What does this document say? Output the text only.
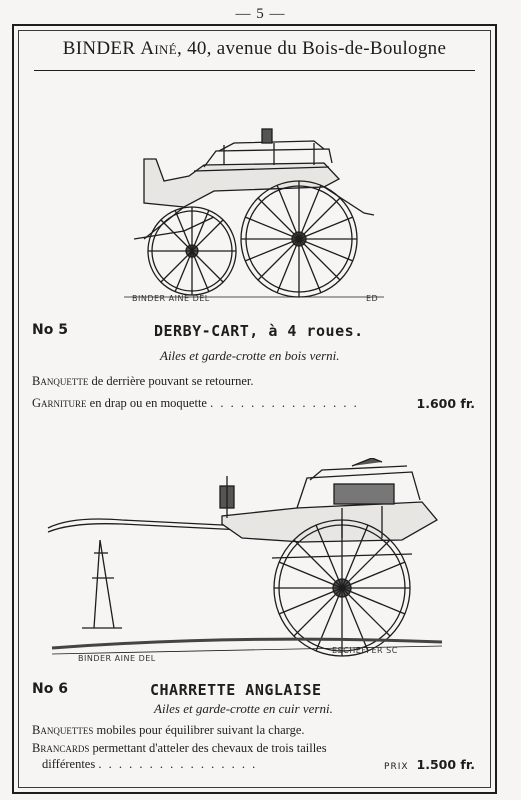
— 5 —
BINDER Ainé, 40, avenue du Bois-de-Boulogne
BINDER AINE DEL	ED
No 5	DERBY-CART, à 4 roues.
Ailes et garde-crotte en bois verni.
Banquette de derrière pouvant se retourner.
Garniture en drap ou en moquette . . . . . . . . . . . . . . .	1.600 fr.
BINDER AINE DEL
ESCHEFFER SC
No 6	CHARRETTE ANGLAISE
Ailes et garde-crotte en cuir verni.
Banquettes mobiles pour équilibrer suivant la charge.
Brancards permettant d'atteler des chevaux de trois tailles
différentes . . . . . . . . . . . . . . . .	PRIX 1.500 fr.
